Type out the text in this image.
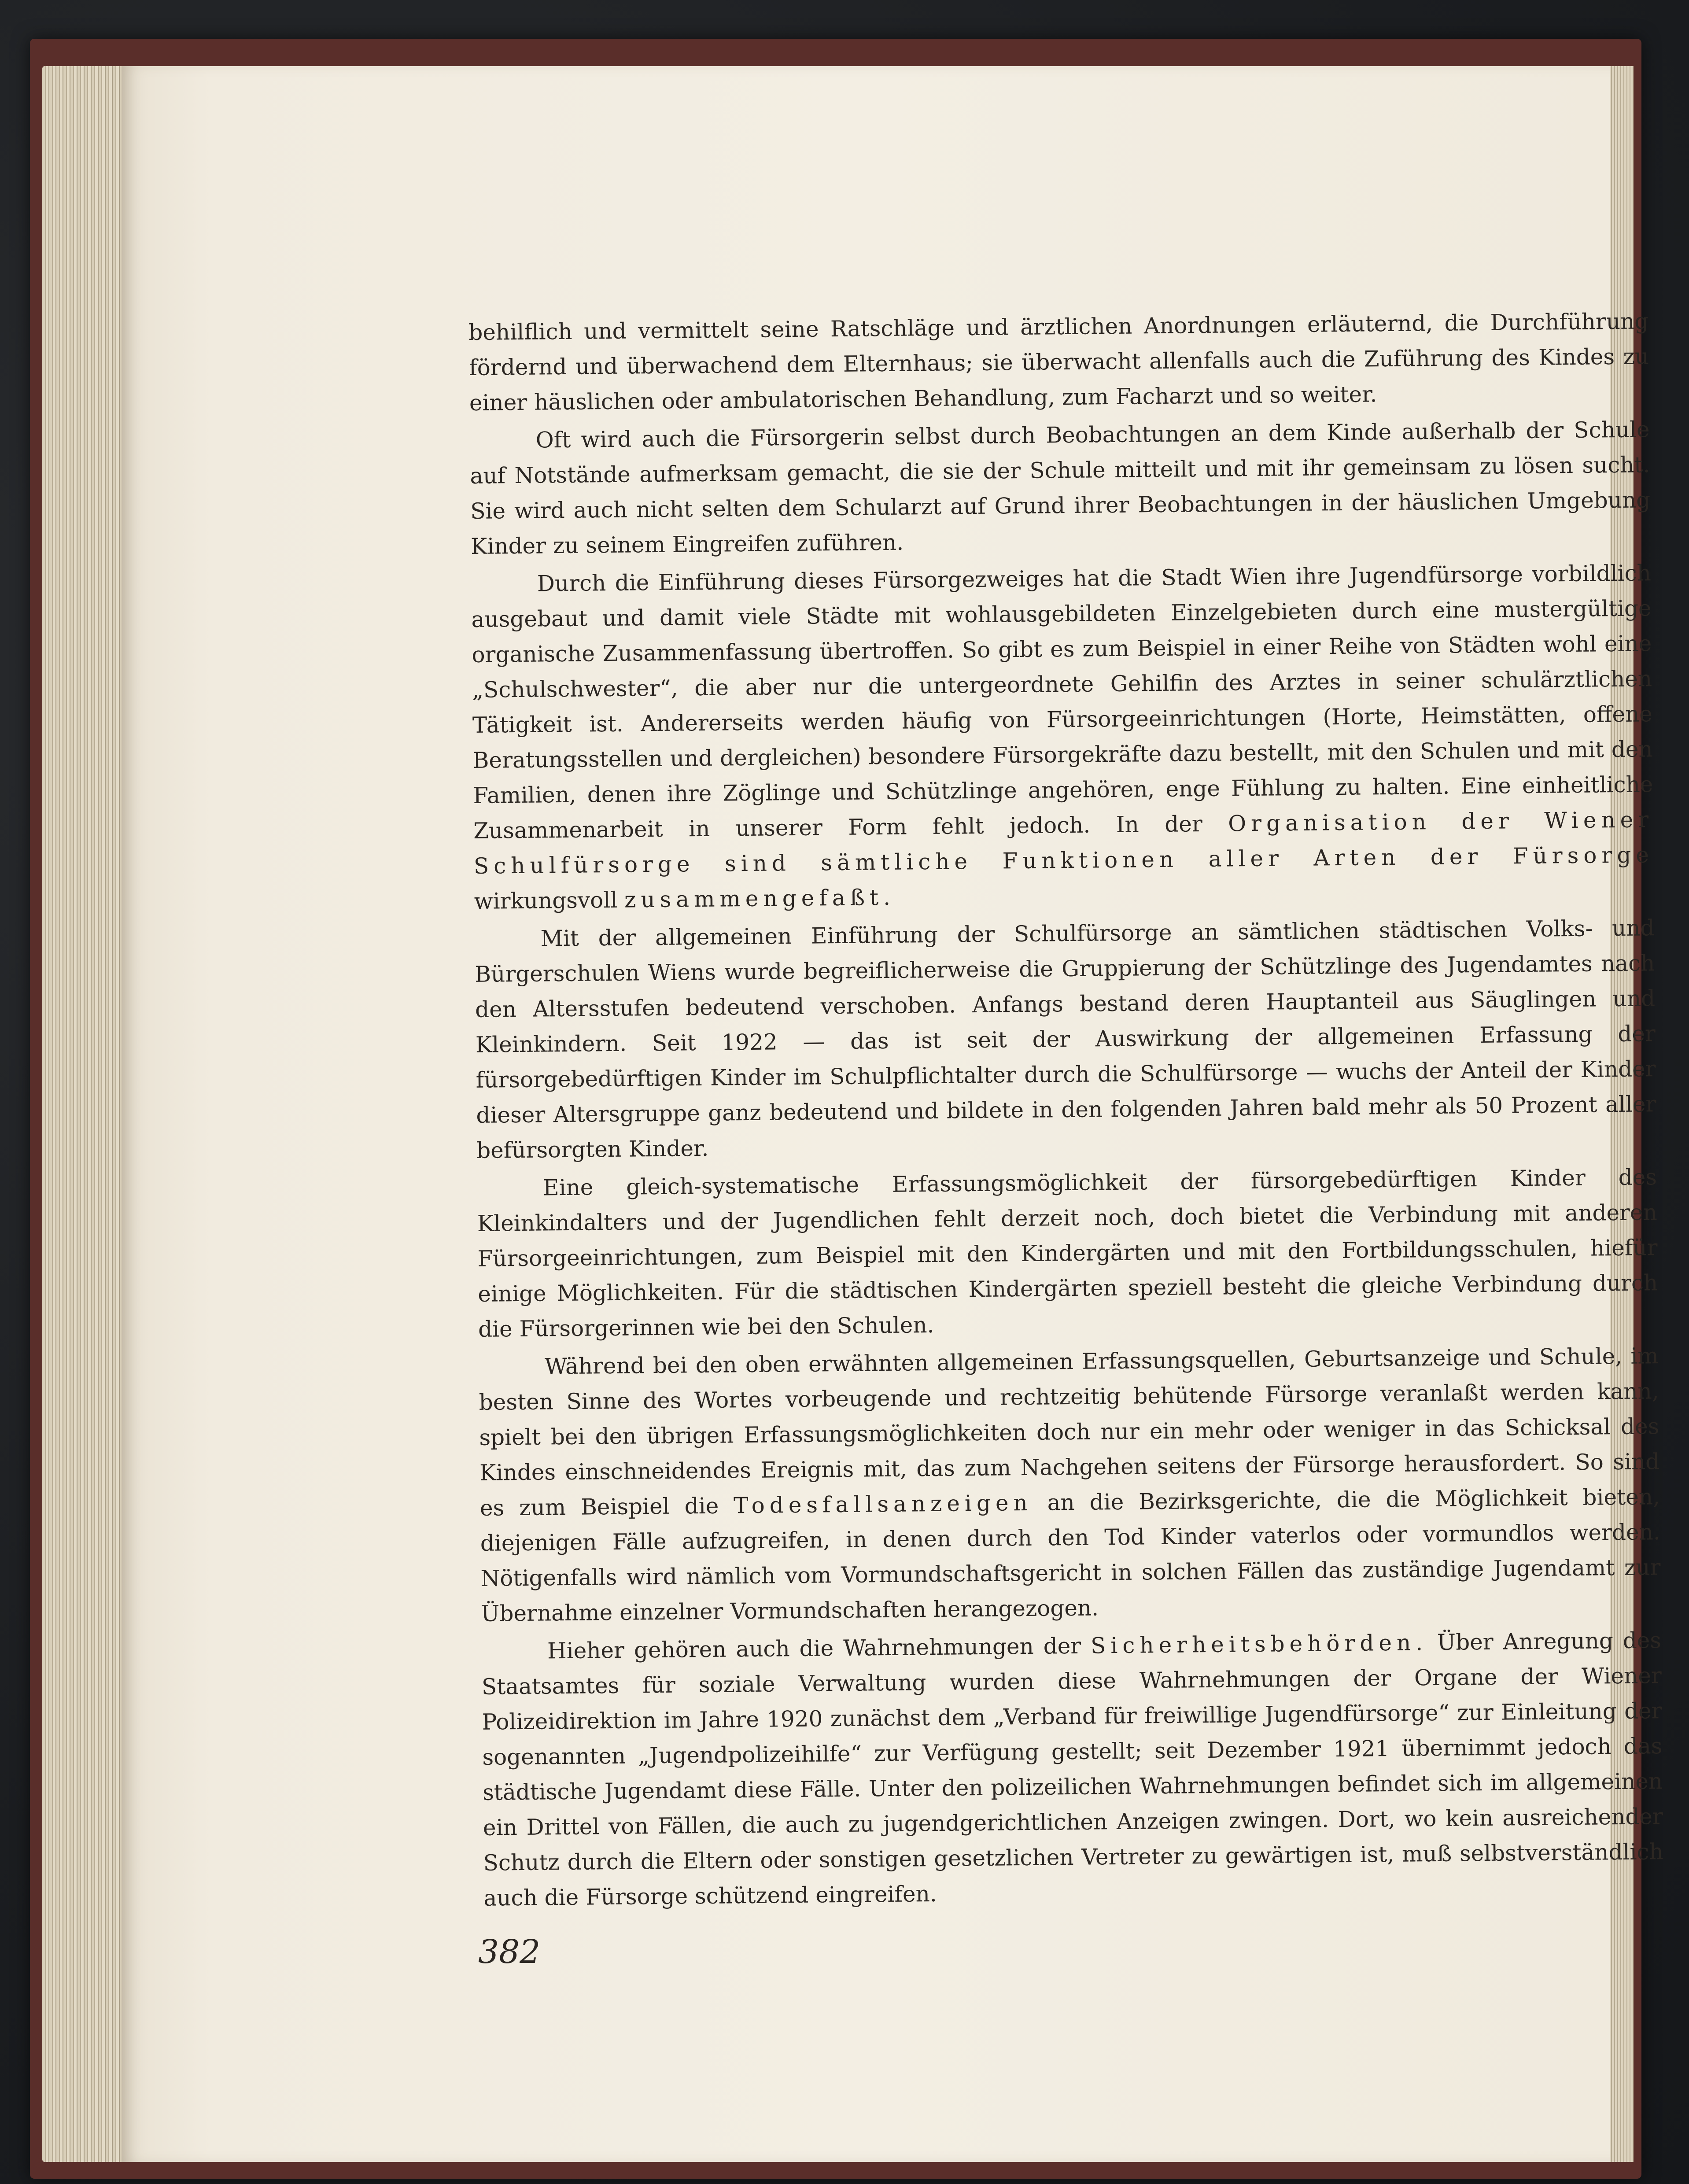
behilflich und vermittelt seine Ratschläge und ärztlichen Anordnungen erläuternd, die Durchführung fördernd und überwachend dem Elternhaus; sie überwacht allenfalls auch die Zuführung des Kindes zu einer häuslichen oder ambulatorischen Behandlung, zum Facharzt und so weiter.

Oft wird auch die Fürsorgerin selbst durch Beobachtungen an dem Kinde außerhalb der Schule auf Notstände aufmerksam gemacht, die sie der Schule mitteilt und mit ihr gemeinsam zu lösen sucht. Sie wird auch nicht selten dem Schularzt auf Grund ihrer Beobachtungen in der häuslichen Umgebung Kinder zu seinem Eingreifen zuführen.

Durch die Einführung dieses Fürsorgezweiges hat die Stadt Wien ihre Jugendfürsorge vorbildlich ausgebaut und damit viele Städte mit wohlausgebildeten Einzelgebieten durch eine mustergültige organische Zusammenfassung übertroffen. So gibt es zum Beispiel in einer Reihe von Städten wohl eine „Schulschwester“, die aber nur die untergeordnete Gehilfin des Arztes in seiner schulärztlichen Tätigkeit ist. Andererseits werden häufig von Fürsorgeeinrichtungen (Horte, Heimstätten, offene Beratungsstellen und dergleichen) besondere Fürsorgekräfte dazu bestellt, mit den Schulen und mit den Familien, denen ihre Zöglinge und Schützlinge angehören, enge Fühlung zu halten. Eine einheitliche Zusammenarbeit in unserer Form fehlt jedoch. In der Organisation der Wiener Schulfürsorge sind sämtliche Funktionen aller Arten der Fürsorge wirkungsvoll zusammengefaßt.

Mit der allgemeinen Einführung der Schulfürsorge an sämtlichen städtischen Volks- und Bürgerschulen Wiens wurde begreiflicherweise die Gruppierung der Schützlinge des Jugendamtes nach den Altersstufen bedeutend verschoben. Anfangs bestand deren Hauptanteil aus Säuglingen und Kleinkindern. Seit 1922 — das ist seit der Auswirkung der allgemeinen Erfassung der fürsorgebedürftigen Kinder im Schulpflichtalter durch die Schulfürsorge — wuchs der Anteil der Kinder dieser Altersgruppe ganz bedeutend und bildete in den folgenden Jahren bald mehr als 50 Prozent aller befürsorgten Kinder.

Eine gleich-systematische Erfassungsmöglichkeit der fürsorgebedürftigen Kinder des Kleinkindalters und der Jugendlichen fehlt derzeit noch, doch bietet die Verbindung mit anderen Fürsorgeeinrichtungen, zum Beispiel mit den Kindergärten und mit den Fortbildungsschulen, hiefür einige Möglichkeiten. Für die städtischen Kindergärten speziell besteht die gleiche Verbindung durch die Fürsorgerinnen wie bei den Schulen.

Während bei den oben erwähnten allgemeinen Erfassungsquellen, Geburtsanzeige und Schule, im besten Sinne des Wortes vorbeugende und rechtzeitig behütende Fürsorge veranlaßt werden kann, spielt bei den übrigen Erfassungsmöglichkeiten doch nur ein mehr oder weniger in das Schicksal des Kindes einschneidendes Ereignis mit, das zum Nachgehen seitens der Fürsorge herausfordert. So sind es zum Beispiel die Todesfallsanzeigen an die Bezirksgerichte, die die Möglichkeit bieten, diejenigen Fälle aufzugreifen, in denen durch den Tod Kinder vaterlos oder vormundlos werden. Nötigenfalls wird nämlich vom Vormundschaftsgericht in solchen Fällen das zuständige Jugendamt zur Übernahme einzelner Vormundschaften herangezogen.

Hieher gehören auch die Wahrnehmungen der Sicherheitsbehörden. Über Anregung des Staatsamtes für soziale Verwaltung wurden diese Wahrnehmungen der Organe der Wiener Polizeidirektion im Jahre 1920 zunächst dem „Verband für freiwillige Jugendfürsorge“ zur Einleitung der sogenannten „Jugendpolizeihilfe“ zur Verfügung gestellt; seit Dezember 1921 übernimmt jedoch das städtische Jugendamt diese Fälle. Unter den polizeilichen Wahrnehmungen befindet sich im allgemeinen ein Drittel von Fällen, die auch zu jugendgerichtlichen Anzeigen zwingen. Dort, wo kein ausreichender Schutz durch die Eltern oder sonstigen gesetzlichen Vertreter zu gewärtigen ist, muß selbstverständlich auch die Fürsorge schützend eingreifen.

382
